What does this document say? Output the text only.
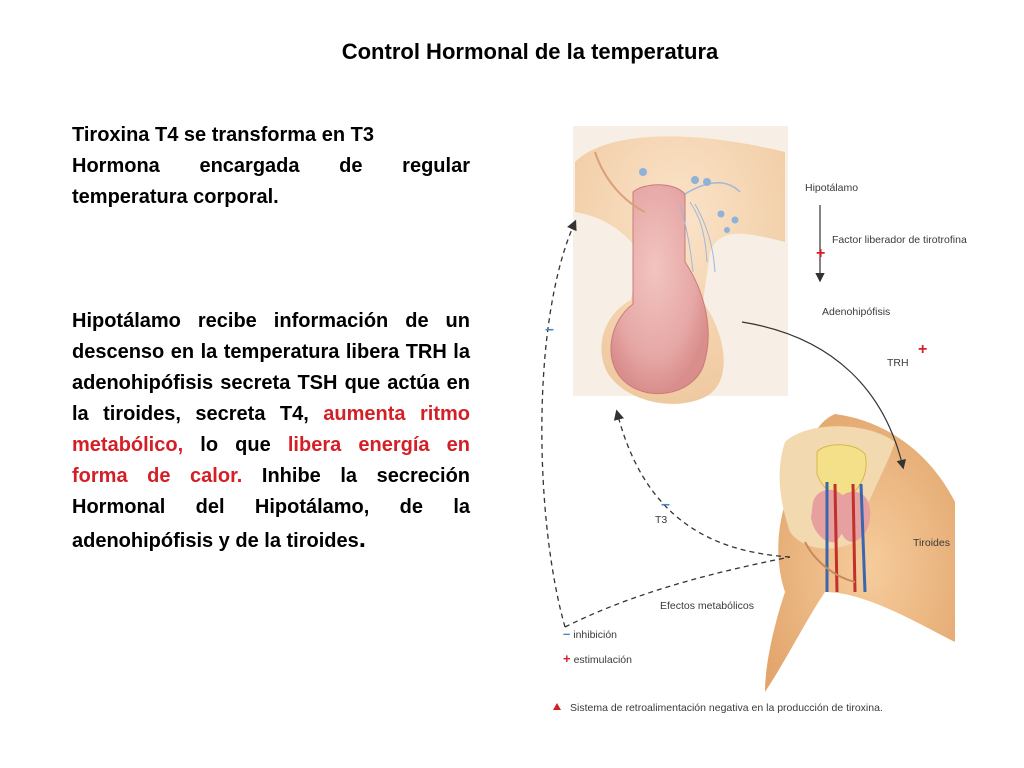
Control Hormonal de la temperatura

Tiroxina T4 se transforma en T3

Hormona encargada de regular temperatura corporal.

Hipotálamo recibe información de un descenso en la temperatura libera TRH la adenohipófisis secreta TSH que actúa en la tiroides, secreta T4, aumenta ritmo metabólico, lo que libera energía en forma de calor. Inhibe la secreción Hormonal del Hipotálamo, de la adenohipófisis y de la tiroides.
Hipotálamo
Factor liberador de tirotrofina
Adenohipófisis
TRH
T3
Tiroides
Efectos metabólicos
+
+
–
–
– inhibición
+ estimulación
Sistema de retroalimentación negativa en la producción de tiroxina.
